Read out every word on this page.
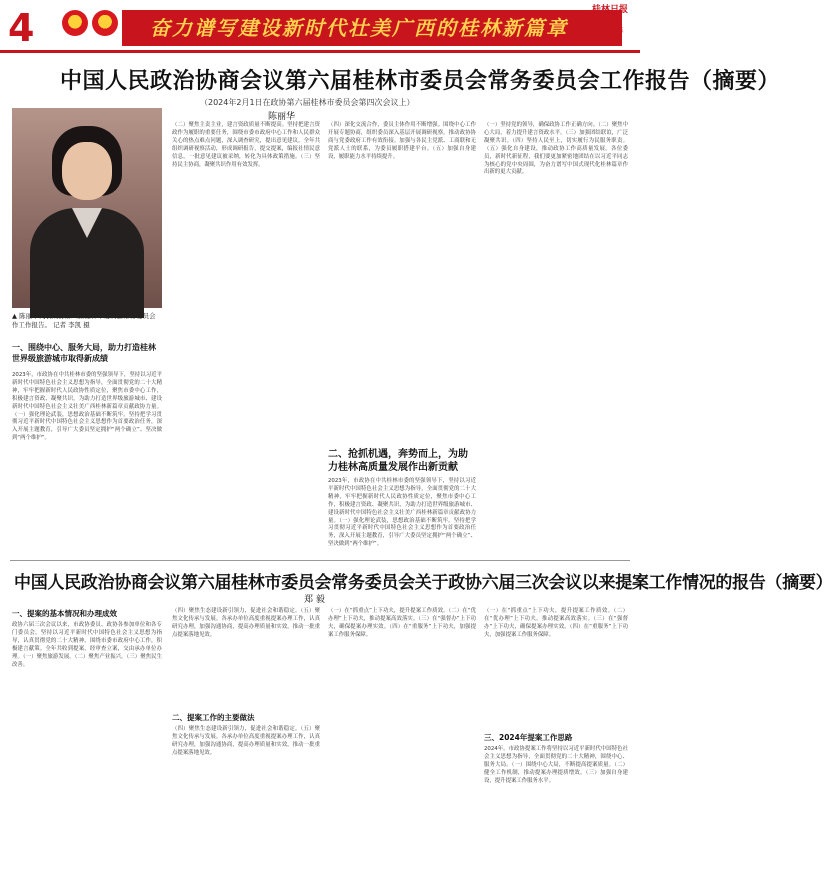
4	奋力谱写建设新时代壮美广西的桂林新篇章
桂林日报
责任编辑 郭 华
责任校对 邓 颖
2024年2月2日 星期五
中国人民政治协商会议第六届桂林市委员会常务委员会工作报告（摘要）
（2024年2月1日在政协第六届桂林市委员会第四次会议上）
陈丽华
▲ 陈丽华代表政协第六届桂林市委员会常务委员会作工作报告。 记者 李凯 摄
一、围绕中心、服务大局，助力打造桂林世界级旅游城市取得新成绩
2023年，市政协在中共桂林市委的坚强领导下，坚持以习近平新时代中国特色社会主义思想为指导，全面贯彻党的二十大精神，牢牢把握新时代人民政协性质定位，聚焦市委中心工作，积极建言资政、凝聚共识，为助力打造世界级旅游城市、建设新时代中国特色社会主义壮美广西桂林新篇章贡献政协力量。（一）强化理论武装，思想政治基础不断筑牢。坚持把学习贯彻习近平新时代中国特色社会主义思想作为首要政治任务，深入开展主题教育，引导广大委员坚定拥护“两个确立”、坚决做到“两个维护”。
（二）聚焦主责主业，建言资政质量不断提高。坚持把建言资政作为履职的重要任务，围绕市委市政府中心工作和人民群众关心的热点难点问题，深入调查研究，提出意见建议。全年共组织调研视察活动，形成调研报告，提交提案，编报社情民意信息，一批意见建议被采纳，转化为具体政策措施。（三）坚持民主协商，凝聚共识作用有效发挥。
（四）深化交流合作，委员主体作用不断增强。围绕中心工作开展专题协商，组织委员深入基层开展调研视察，推动政协协商与党委政府工作有效衔接。加强与各民主党派、工商联和无党派人士的联系，为委员履职搭建平台。（五）加强自身建设，履职能力水平持续提升。
二、抢抓机遇，奔势而上，为助力桂林高质量发展作出新贡献
2023年，市政协在中共桂林市委的坚强领导下，坚持以习近平新时代中国特色社会主义思想为指导，全面贯彻党的二十大精神，牢牢把握新时代人民政协性质定位，聚焦市委中心工作，积极建言资政、凝聚共识，为助力打造世界级旅游城市、建设新时代中国特色社会主义壮美广西桂林新篇章贡献政协力量。（一）强化理论武装，思想政治基础不断筑牢。坚持把学习贯彻习近平新时代中国特色社会主义思想作为首要政治任务，深入开展主题教育，引导广大委员坚定拥护“两个确立”、坚决做到“两个维护”。
（一）坚持党的领导，确保政协工作正确方向。（二）聚焦中心大局，着力提升建言资政水平。（三）加强团结联谊，广泛凝聚共识。（四）坚持人民至上，切实履行为民服务职责。（五）强化自身建设，推动政协工作高质量发展。各位委员，新时代新征程，我们要更加紧密地团结在以习近平同志为核心的党中央周围，为奋力谱写中国式现代化桂林篇章作出新的更大贡献。
中国人民政治协商会议第六届桂林市委员会常务委员会关于政协六届三次会议以来提案工作情况的报告（摘要）
郑 毅
一、提案的基本情况和办理成效
政协六届三次会议以来，市政协委员、政协各参加单位和各专门委员会，坚持以习近平新时代中国特色社会主义思想为指导，认真贯彻党的二十大精神，围绕市委市政府中心工作，积极建言献策。全年共收到提案，经审查立案，交由承办单位办理。（一）聚焦旅游发展。（二）聚焦产业振兴。（三）聚焦民生改善。
（四）聚焦生态建设新引领力，促进社会和谐稳定。（五）聚焦文化传承与发展。各承办单位高度重视提案办理工作，认真研究办理，加强沟通协商，提高办理质量和实效，推动一批重点提案落地见效。
二、提案工作的主要做法
（四）聚焦生态建设新引领力，促进社会和谐稳定。（五）聚焦文化传承与发展。各承办单位高度重视提案办理工作，认真研究办理，加强沟通协商，提高办理质量和实效，推动一批重点提案落地见效。
（一）在“抓重点”上下功夫，提升提案工作质效。（二）在“优办理”上下功夫，推动提案高效落实。（三）在“强督办”上下功夫，确保提案办理实效。（四）在“重服务”上下功夫，加强提案工作服务保障。
三、2024年提案工作思路
（一）在“抓重点”上下功夫，提升提案工作质效。（二）在“优办理”上下功夫，推动提案高效落实。（三）在“强督办”上下功夫，确保提案办理实效。（四）在“重服务”上下功夫，加强提案工作服务保障。
2024年，市政协提案工作将坚持以习近平新时代中国特色社会主义思想为指导，全面贯彻党的二十大精神，围绕中心、服务大局。（一）围绕中心大局，不断提高提案质量。（二）健全工作机制，推动提案办理提质增效。（三）加强自身建设，提升提案工作服务水平。
